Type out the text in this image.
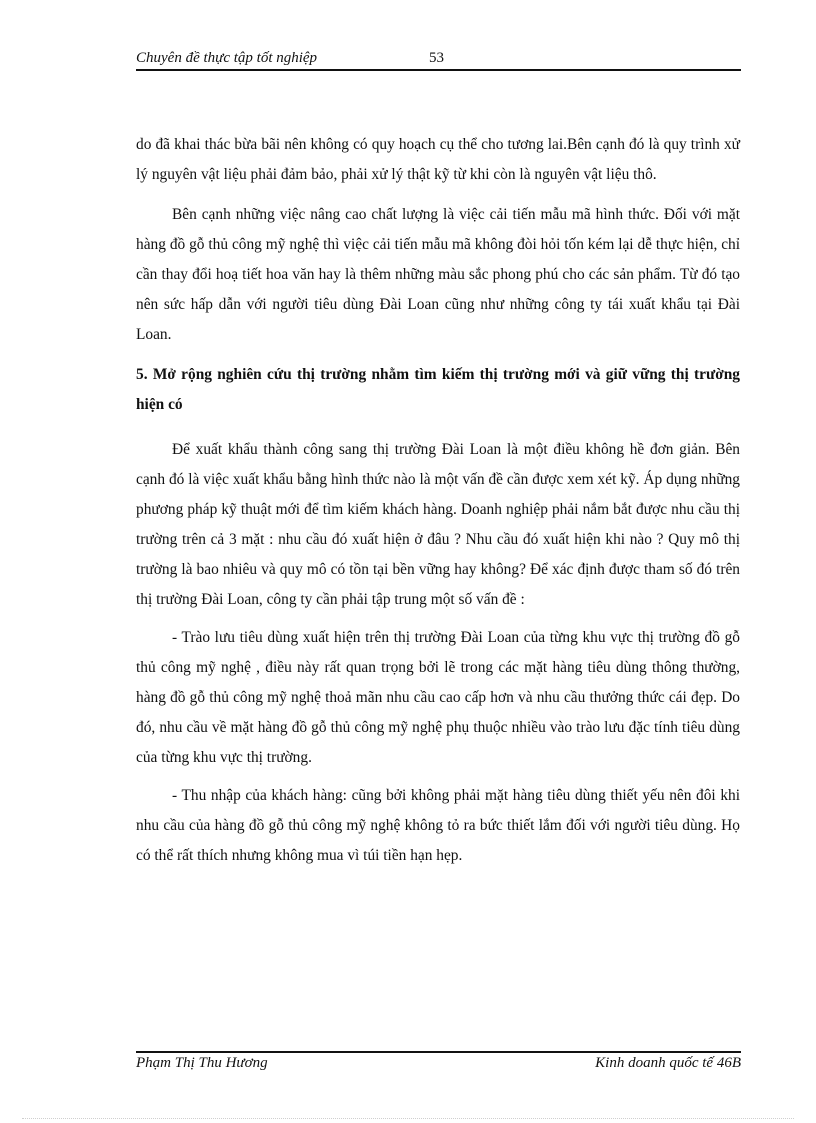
Chuyên đề thực tập tốt nghiệp	53

do đã khai thác bừa bãi nên không có quy hoạch cụ thể cho tương lai.Bên cạnh đó là quy trình xử lý nguyên vật liệu phải đảm bảo, phải xử lý thật kỹ từ khi còn là nguyên vật liệu thô.

Bên cạnh những việc nâng cao chất lượng là việc cải tiến mẫu mã hình thức. Đối với mặt hàng đồ gỗ thủ công mỹ nghệ thì việc cải tiến mẫu mã không đòi hỏi tốn kém lại dễ thực hiện, chỉ cần thay đổi hoạ tiết hoa văn hay là thêm những màu sắc phong phú cho các sản phẩm. Từ đó tạo nên sức hấp dẫn với người tiêu dùng Đài Loan cũng như những công ty tái xuất khẩu tại Đài Loan.

5. Mở rộng nghiên cứu thị trường nhằm tìm kiếm thị trường mới và giữ vững thị trường hiện có

Để xuất khẩu thành công sang thị trường Đài Loan là một điều không hề đơn giản. Bên cạnh đó là việc xuất khẩu bằng hình thức nào là một vấn đề cần được xem xét kỹ. Áp dụng những phương pháp kỹ thuật mới để tìm kiếm khách hàng. Doanh nghiệp phải nắm bắt được nhu cầu thị trường trên cả 3 mặt : nhu cầu đó xuất hiện ở đâu ? Nhu cầu đó xuất hiện khi nào ? Quy mô thị trường là bao nhiêu và quy mô có tồn tại bền vững hay không? Để xác định được tham số đó trên thị trường Đài Loan, công ty cần phải tập trung một số vấn đề :

- Trào lưu tiêu dùng xuất hiện trên thị trường Đài Loan của từng khu vực thị trường đồ gỗ thủ công mỹ nghệ , điều này rất quan trọng bởi lẽ trong các mặt hàng tiêu dùng thông thường, hàng đồ gỗ thủ công mỹ nghệ thoả mãn nhu cầu cao cấp hơn và nhu cầu thưởng thức cái đẹp. Do đó, nhu cầu về mặt hàng đồ gỗ thủ công mỹ nghệ phụ thuộc nhiều vào trào lưu đặc tính tiêu dùng của từng khu vực thị trường.

- Thu nhập của khách hàng: cũng bởi không phải mặt hàng tiêu dùng thiết yếu nên đôi khi nhu cầu của hàng đồ gỗ thủ công mỹ nghệ không tỏ ra bức thiết lắm đối với người tiêu dùng. Họ có thể rất thích nhưng không mua vì túi tiền hạn hẹp.

Phạm Thị Thu Hương	Kinh doanh quốc tế 46B
